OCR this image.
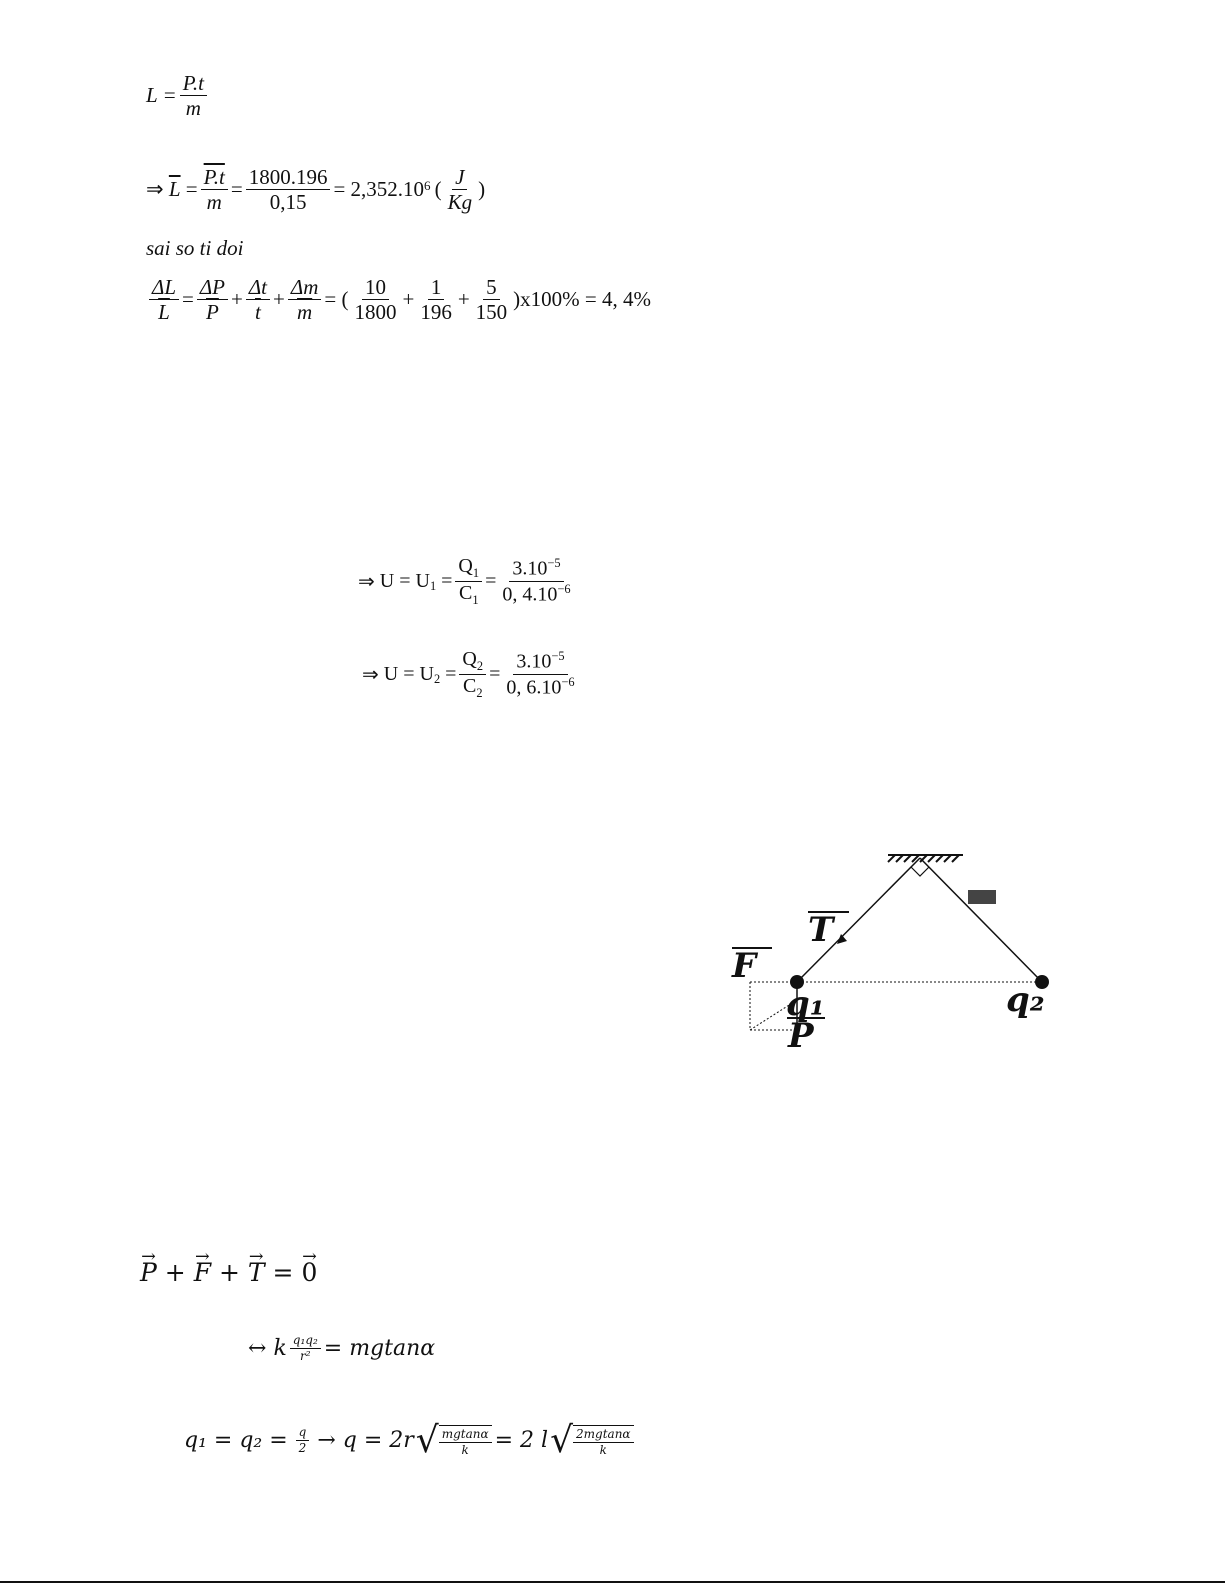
$L = \frac{P.t}{m}$
⇒
$\overline{L}$
= $\frac{P.t}{m} = \frac{1800.196}{0,15} = 2,352.10$ 6 ( $\frac{J}{Kg}$ )
sai so ti doi
$\frac{\Delta L}{L} = \frac{\Delta P}{P} + \frac{\Delta t}{t} + \frac{\Delta m}{m}$ = ( $\frac{10}{1800} + \frac{1}{196} + \frac{5}{150} )x100\% = 4$, 4%
⇒
$U = U_1 = \frac{Q_1}{C_1} = \frac{3.10^{-5}}{0, 4.10^{-6}}$
⇒
$U = U_2 = \frac{Q_2}{C_2} = \frac{3.10^{-5}}{0, 6.10^{-6}}$
T
F
P
q₁	q₂
→ P
+
→ F
+
→ T
=
→ 0
↔
k $\frac{\text{q₁q₂}}{\text{r²}} = mgtan\alpha$
$q_1 = q_2 = \frac{q}{2} \to q = 2r$ √ $\frac{mgtan\alpha}{k} = 2$ l √ $\frac{2mgtan\alpha}{k}$
